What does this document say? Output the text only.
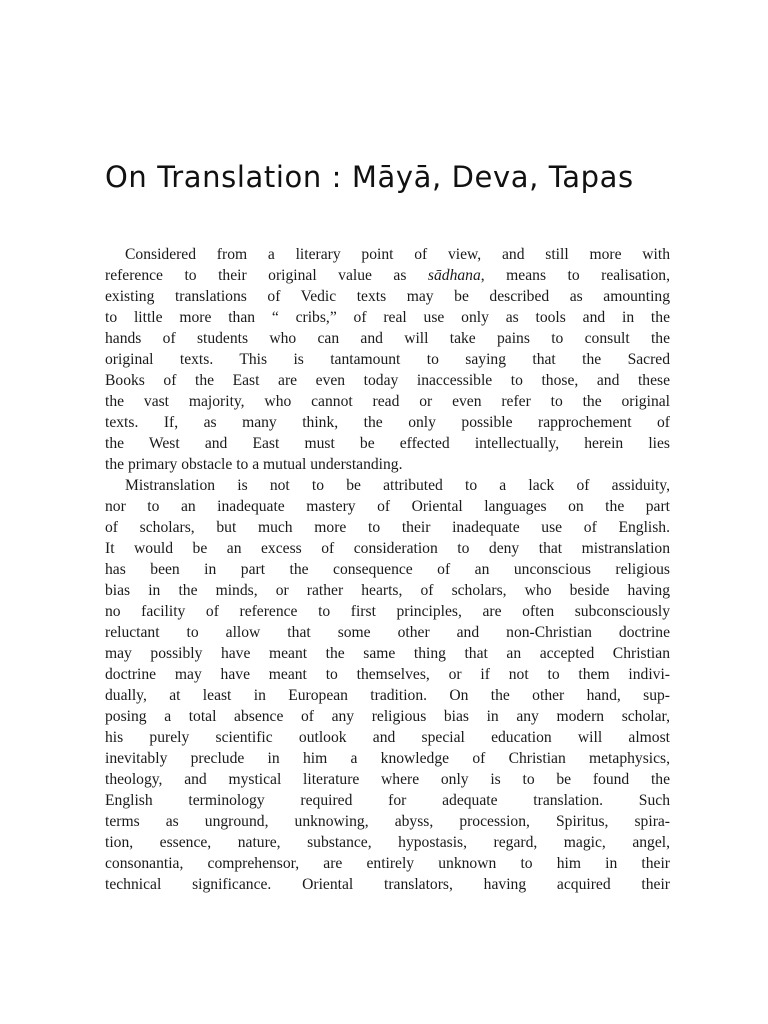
On Translation : Māyā, Deva, Tapas
Considered from a literary point of view, and still more with
reference to their original value as sādhana, means to realisation,
existing translations of Vedic texts may be described as amounting
to little more than “ cribs,” of real use only as tools and in the
hands of students who can and will take pains to consult the
original texts. This is tantamount to saying that the Sacred
Books of the East are even today inaccessible to those, and these
the vast majority, who cannot read or even refer to the original
texts. If, as many think, the only possible rapprochement of
the West and East must be effected intellectually, herein lies
the primary obstacle to a mutual understanding.
Mistranslation is not to be attributed to a lack of assiduity,
nor to an inadequate mastery of Oriental languages on the part
of scholars, but much more to their inadequate use of English.
It would be an excess of consideration to deny that mistranslation
has been in part the consequence of an unconscious religious
bias in the minds, or rather hearts, of scholars, who beside having
no facility of reference to first principles, are often subconsciously
reluctant to allow that some other and non-Christian doctrine
may possibly have meant the same thing that an accepted Christian
doctrine may have meant to themselves, or if not to them indivi-
dually, at least in European tradition. On the other hand, sup-
posing a total absence of any religious bias in any modern scholar,
his purely scientific outlook and special education will almost
inevitably preclude in him a knowledge of Christian metaphysics,
theology, and mystical literature where only is to be found the
English terminology required for adequate translation. Such
terms as unground, unknowing, abyss, procession, Spiritus, spira-
tion, essence, nature, substance, hypostasis, regard, magic, angel,
consonantia, comprehensor, are entirely unknown to him in their
technical significance. Oriental translators, having acquired their
